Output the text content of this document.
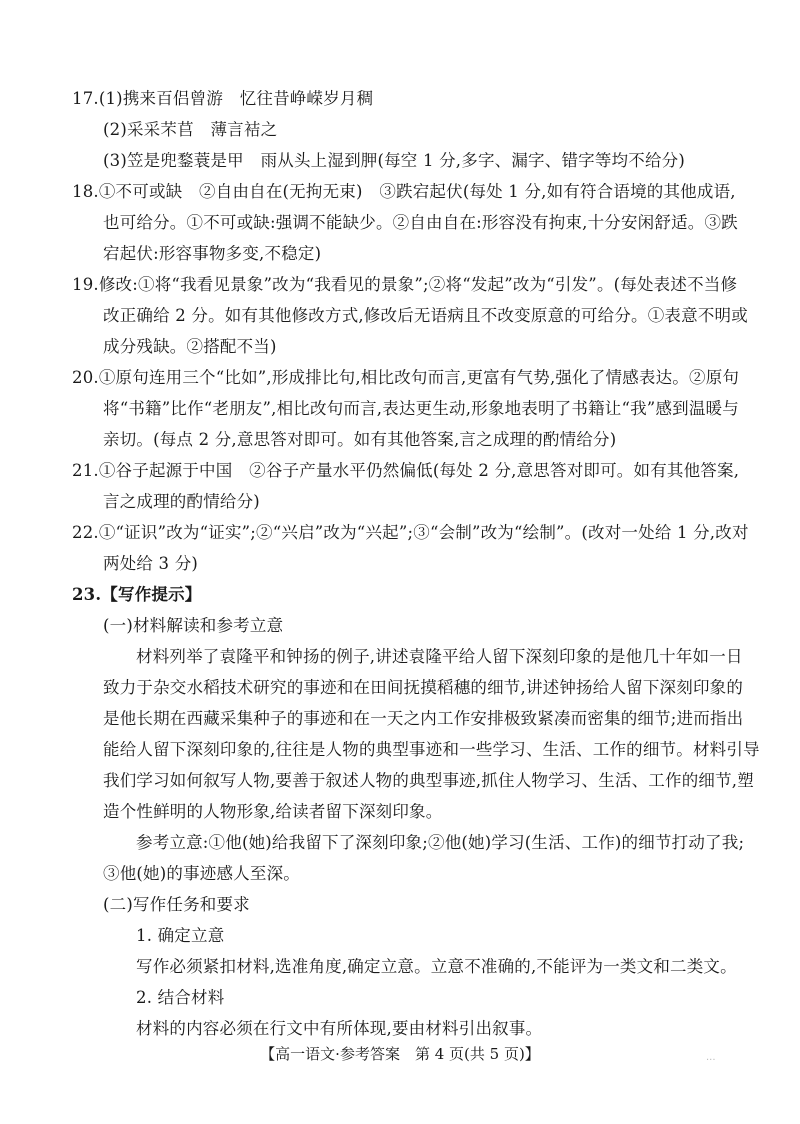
17.(1)携来百侣曾游　忆往昔峥嵘岁月稠
(2)采采芣苢　薄言袺之
(3)笠是兜鍪蓑是甲　雨从头上湿到胛(每空 1 分,多字、漏字、错字等均不给分)
18.①不可或缺　②自由自在(无拘无束)　③跌宕起伏(每处 1 分,如有符合语境的其他成语,
也可给分。①不可或缺:强调不能缺少。②自由自在:形容没有拘束,十分安闲舒适。③跌
宕起伏:形容事物多变,不稳定)
19.修改:①将“我看见景象”改为“我看见的景象”;②将“发起”改为“引发”。(每处表述不当修
改正确给 2 分。如有其他修改方式,修改后无语病且不改变原意的可给分。①表意不明或
成分残缺。②搭配不当)
20.①原句连用三个“比如”,形成排比句,相比改句而言,更富有气势,强化了情感表达。②原句
将“书籍”比作“老朋友”,相比改句而言,表达更生动,形象地表明了书籍让“我”感到温暖与
亲切。(每点 2 分,意思答对即可。如有其他答案,言之成理的酌情给分)
21.①谷子起源于中国　②谷子产量水平仍然偏低(每处 2 分,意思答对即可。如有其他答案,
言之成理的酌情给分)
22.①“证识”改为“证实”;②“兴启”改为“兴起”;③“会制”改为“绘制”。(改对一处给 1 分,改对
两处给 3 分)
23.【写作提示】
(一)材料解读和参考立意
材料列举了袁隆平和钟扬的例子,讲述袁隆平给人留下深刻印象的是他几十年如一日
致力于杂交水稻技术研究的事迹和在田间抚摸稻穗的细节,讲述钟扬给人留下深刻印象的
是他长期在西藏采集种子的事迹和在一天之内工作安排极致紧凑而密集的细节;进而指出
能给人留下深刻印象的,往往是人物的典型事迹和一些学习、生活、工作的细节。材料引导
我们学习如何叙写人物,要善于叙述人物的典型事迹,抓住人物学习、生活、工作的细节,塑
造个性鲜明的人物形象,给读者留下深刻印象。
参考立意:①他(她)给我留下了深刻印象;②他(她)学习(生活、工作)的细节打动了我;
③他(她)的事迹感人至深。
(二)写作任务和要求
1. 确定立意
写作必须紧扣材料,选准角度,确定立意。立意不准确的,不能评为一类文和二类文。
2. 结合材料
材料的内容必须在行文中有所体现,要由材料引出叙事。
【高一语文·参考答案　第 4 页(共 5 页)】	...
